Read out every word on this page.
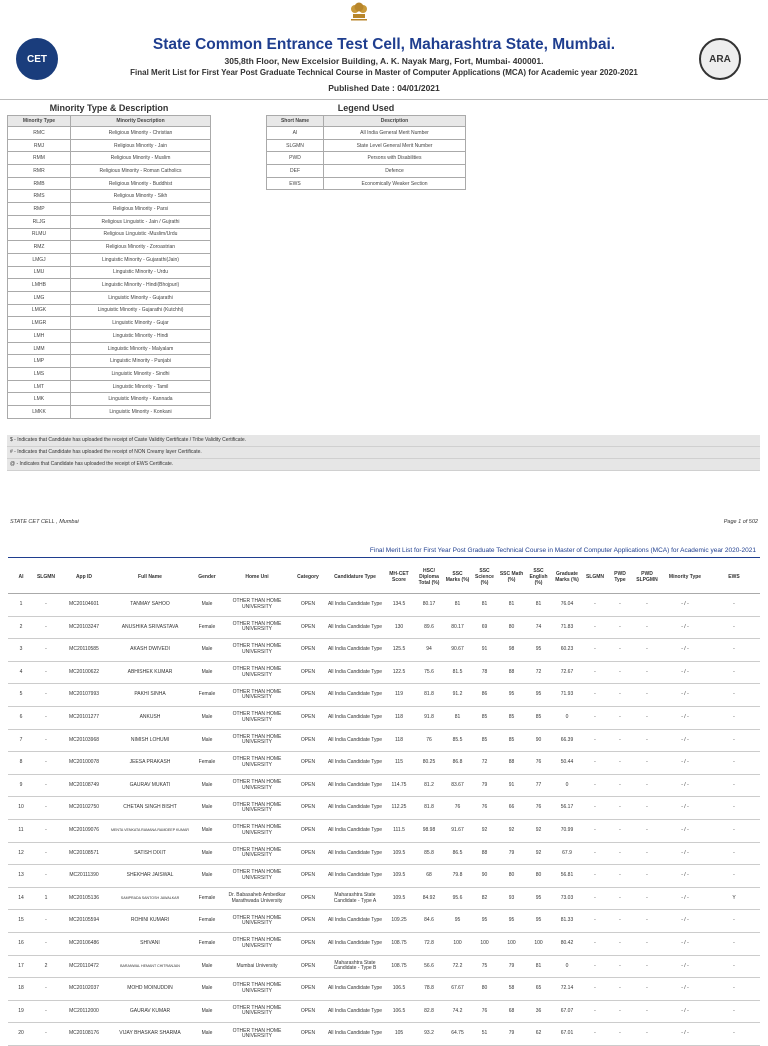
CET	ARA
State Common Entrance Test Cell, Maharashtra State, Mumbai.
305,8th Floor, New Excelsior Building, A. K. Nayak Marg, Fort, Mumbai- 400001.
Final Merit List for First Year Post Graduate Technical Course in Master of Computer Applications (MCA) for Academic year 2020-2021
Published Date : 04/01/2021
Minority Type & Description
Minority Type	Minority Description
RMC	Religious Minority - Christian
RMJ	Religious Minority - Jain
RMM	Religious Minority - Muslim
RMR	Religious Minority - Roman Catholics
RMB	Religious Minority - Buddhist
RMS	Religious Minority - Sikh
RMP	Religious Minority - Parsi
RLJG	Religious Linguistic - Jain / Gujrathi
RLMU	Religious Linguistic -Muslim/Urdu
RMZ	Religious Minority - Zoroastrian
LMGJ	Linguistic Minority - Gujarathi(Jain)
LMU	Linguistic Minority - Urdu
LMHB	Linguistic Minority - Hindi(Bhojpuri)
LMG	Linguistic Minority - Gujarathi
LMGK	Linguistic Minority - Gujarathi (Kutchhi)
LMGR	Linguistic Minority - Gujar
LMH	Linguistic Minority - Hindi
LMM	Linguistic Minority - Malyalam
LMP	Linguistic Minority - Punjabi
LMS	Linguistic Minority - Sindhi
LMT	Linguistic Minority - Tamil
LMK	Linguistic Minority - Kannada
LMKK	Linguistic Minority - Konkani
Legend Used
Short Name	Description
AI	All India General Merit Number
SLGMN	State Level General Merit Number
PWD	Persons with Disabilities
DEF	Defence
EWS	Economically Weaker Section
$ - Indicates that Candidate has uploaded the receipt of Caste Validity Certificate / Tribe Validity Certificate.
# - Indicates that Candidate has uploaded the receipt of NON Creamy layer Certificate.
@ - Indicates that Candidate has uploaded the receipt of EWS Certificate.
STATE CET CELL , Mumbai	Page 1 of 502
Final Merit List for First Year Post Graduate Technical Course in Master of Computer Applications (MCA) for Academic year 2020-2021
AI	SLGMN	App ID	Full Name	Gender	Home Uni	Category	Candidature Type	MH-CET Score	HSC/ Diploma Total (%)	SSC Marks (%)	SSC Science (%)	SSC Math (%)	SSC English (%)	Graduate Marks (%)	SLGMN	PWD Type	PWD SLPGMN	Minority Type	EWS
1	-	MC20104601	TANMAY SAHOO	Male	OTHER THAN HOME UNIVERSITY	OPEN	All India Candidate Type	134.5	80.17	81	81	81	81	76.04	-	-	-	- / -	-
2	-	MC20103247	ANUSHIKA SRIVASTAVA	Female	OTHER THAN HOME UNIVERSITY	OPEN	All India Candidate Type	130	89.6	80.17	69	80	74	71.83	-	-	-	- / -	-
3	-	MC20110585	AKASH DWIVEDI	Male	OTHER THAN HOME UNIVERSITY	OPEN	All India Candidate Type	125.5	94	90.67	91	98	95	60.23	-	-	-	- / -	-
4	-	MC20100622	ABHISHEK KUMAR	Male	OTHER THAN HOME UNIVERSITY	OPEN	All India Candidate Type	122.5	75.6	81.5	78	88	72	72.67	-	-	-	- / -	-
5	-	MC20107993	PAKHI SINHA	Female	OTHER THAN HOME UNIVERSITY	OPEN	All India Candidate Type	119	81.8	91.2	86	95	95	71.93	-	-	-	- / -	-
6	-	MC20101277	ANKUSH	Male	OTHER THAN HOME UNIVERSITY	OPEN	All India Candidate Type	118	91.8	81	85	85	85	0	-	-	-	- / -	-
7	-	MC20103968	NIMISH LOHUMI	Male	OTHER THAN HOME UNIVERSITY	OPEN	All India Candidate Type	118	76	85.5	85	85	90	66.39	-	-	-	- / -	-
8	-	MC20100078	JEESA PRAKASH	Female	OTHER THAN HOME UNIVERSITY	OPEN	All India Candidate Type	115	80.25	86.8	72	88	76	50.44	-	-	-	- / -	-
9	-	MC20108749	GAURAV MUKATI	Male	OTHER THAN HOME UNIVERSITY	OPEN	All India Candidate Type	114.75	81.2	83.67	79	91	77	0	-	-	-	- / -	-
10	-	MC20102750	CHETAN SINGH BISHT	Male	OTHER THAN HOME UNIVERSITY	OPEN	All India Candidate Type	112.25	81.8	76	76	66	76	56.17	-	-	-	- / -	-
11	-	MC20109076	MENTA VENKATA RAMANA RAMDEEP KUMAR	Male	OTHER THAN HOME UNIVERSITY	OPEN	All India Candidate Type	111.5	98.98	91.67	92	92	92	70.99	-	-	-	- / -	-
12	-	MC20108571	SATISH DIXIT	Male	OTHER THAN HOME UNIVERSITY	OPEN	All India Candidate Type	109.5	85.8	86.5	88	79	92	67.9	-	-	-	- / -	-
13	-	MC20111390	SHEKHAR JAISWAL	Male	OTHER THAN HOME UNIVERSITY	OPEN	All India Candidate Type	109.5	68	79.8	90	80	80	56.81	-	-	-	- / -	-
14	1	MC20105136	SAMPRADA SANTOSH JAWALKAR	Female	Dr. Babasaheb Ambedkar Marathwada University	OPEN	Maharashtra State Candidate - Type A	109.5	84.92	95.6	82	93	95	73.03	-	-	-	- / -	Y
15	-	MC20105594	ROHINI KUMARI	Female	OTHER THAN HOME UNIVERSITY	OPEN	All India Candidate Type	109.25	84.6	95	95	95	95	81.33	-	-	-	- / -	-
16	-	MC20106486	SHIVANI	Female	OTHER THAN HOME UNIVERSITY	OPEN	All India Candidate Type	108.75	72.8	100	100	100	100	80.42	-	-	-	- / -	-
17	2	MC20110472	BARANWAL HEMANT CHITRANJAN	Male	Mumbai University	OPEN	Maharashtra State Candidate - Type B	108.75	56.6	72.2	75	79	81	0	-	-	-	- / -	-
18	-	MC20102037	MOHD MOINUDDIN	Male	OTHER THAN HOME UNIVERSITY	OPEN	All India Candidate Type	106.5	78.8	67.67	80	58	65	72.14	-	-	-	- / -	-
19	-	MC20112000	GAURAV KUMAR	Male	OTHER THAN HOME UNIVERSITY	OPEN	All India Candidate Type	106.5	82.8	74.2	76	68	36	67.07	-	-	-	- / -	-
20	-	MC20108176	VIJAY BHASKAR SHARMA	Male	OTHER THAN HOME UNIVERSITY	OPEN	All India Candidate Type	105	93.2	64.75	51	79	62	67.01	-	-	-	- / -	-
